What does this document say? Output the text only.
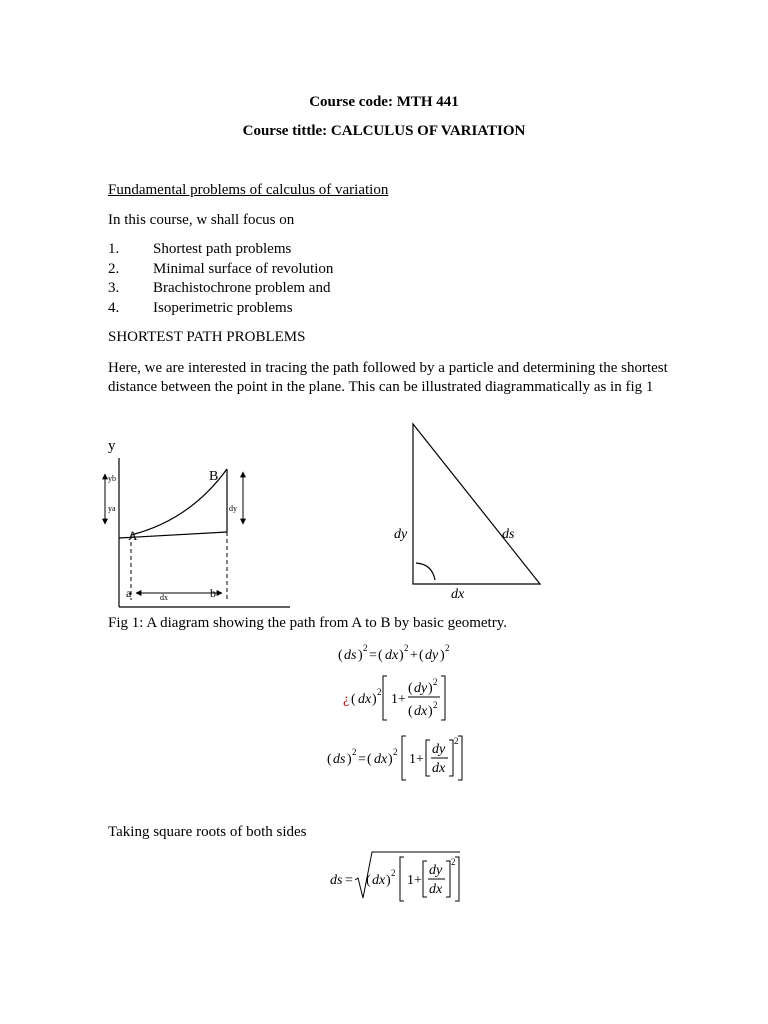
Course code: MTH 441
Course tittle: CALCULUS OF VARIATION
Fundamental problems of calculus of variation
In this course, w shall focus on
1. Shortest path problems
2. Minimal surface of revolution
3. Brachistochrone problem and
4. Isoperimetric problems
SHORTEST PATH PROBLEMS
Here, we are interested in tracing the path followed by a particle and determining the shortest distance between the point in the plane. This can be illustrated diagrammatically as in fig 1
y
B
A
yb
ya	dy
dx
a	b
dy	ds
dx
Fig 1: A diagram showing the path from A to B by basic geometry.
( ds ) 2 = ( dx ) 2 + ( dy ) 2
¿ ( dx ) 2 1+
( dy ) 2
( dx ) 2
( ds ) 2 = ( dx ) 2 1+
dy
dx
2
ds = ( dx ) 2 1+
dy
dx
2
Taking square roots of both sides
